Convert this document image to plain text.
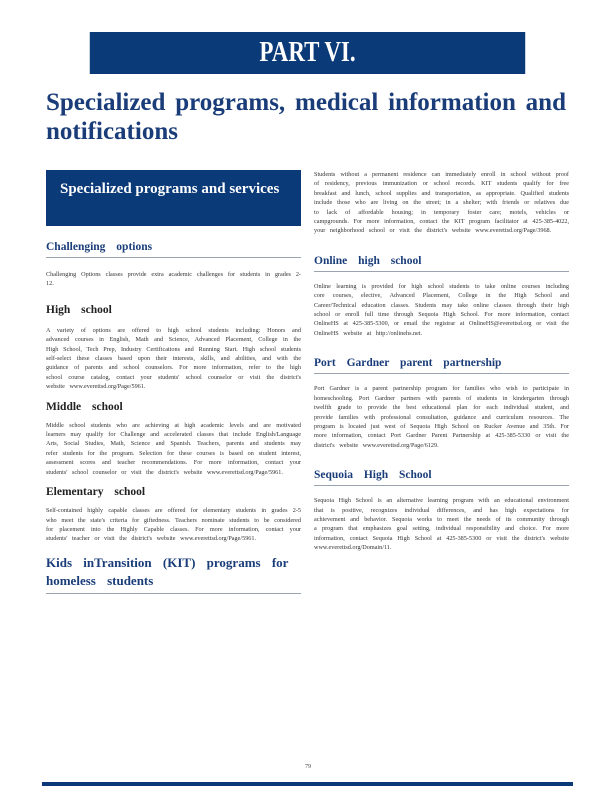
PART VI.
Specialized programs, medical information and notifications
Specialized programs and services
Challenging options
Challenging Options classes provide extra academic challenges for students in grades 2-12.
High school
A variety of options are offered to high school students including: Honors and advanced courses in English, Math and Science, Advanced Placement, College in the High School, Tech Prep, Industry Certifications and Running Start. High school students self-select these classes based upon their interests, skills, and abilities, and with the guidance of parents and school counselors. For more information, refer to the high school course catalog, contact your students' school counselor or visit the district's website www.everettsd.org/Page/5961.
Middle school
Middle school students who are achieving at high academic levels and are motivated learners may qualify for Challenge and accelerated classes that include English/Language Arts, Social Studies, Math, Science and Spanish. Teachers, parents and students may refer students for the program. Selection for these courses is based on student interest, assessment scores and teacher recommendations. For more information, contact your students' school counselor or visit the district's website www.everettsd.org/Page/5961.
Elementary school
Self-contained highly capable classes are offered for elementary students in grades 2-5 who meet the state's criteria for giftedness. Teachers nominate students to be considered for placement into the Highly Capable classes. For more information, contact your students' teacher or visit the district's website www.everettsd.org/Page/5961.
Kids inTransition (KIT) programs for homeless students
Students without a permanent residence can immediately enroll in school without proof of residency, previous immunization or school records. KIT students qualify for free breakfast and lunch, school supplies and transportation, as appropriate. Qualified students include those who are living on the street; in a shelter; with friends or relatives due to lack of affordable housing; in temporary foster care; motels, vehicles or campgrounds. For more information, contact the KIT program facilitator at 425-385-4022, your neighborhood school or visit the district's website www.everettsd.org/Page/3968.
Online high school
Online learning is provided for high school students to take online courses including core courses, elective, Advanced Placement, College in the High School and Career/Technical education classes. Students may take online classes through their high school or enroll full time through Sequoia High School. For more information, contact OnlineHS at 425-385-5300, or email the registrar at OnlineHS@everettsd.org or visit the OnlineHS website at http://onlinehs.net.
Port Gardner parent partnership
Port Gardner is a parent partnership program for families who wish to participate in homeschooling. Port Gardner partners with parents of students in kindergarten through twelfth grade to provide the best educational plan for each individual student, and provide families with professional consultation, guidance and curriculum resources. The program is located just west of Sequoia High School on Rucker Avenue and 35th. For more information, contact Port Gardner Parent Partnership at 425-385-5330 or visit the district's website www.everettsd.org/Page/6129.
Sequoia High School
Sequoia High School is an alternative learning program with an educational environment that is positive, recognizes individual differences, and has high expectations for achievement and behavior. Sequoia works to meet the needs of its community through a program that emphasizes goal setting, individual responsibility and choice. For more information, contact Sequoia High School at 425-385-5300 or visit the district's website www.everettsd.org/Domain/11.
79
